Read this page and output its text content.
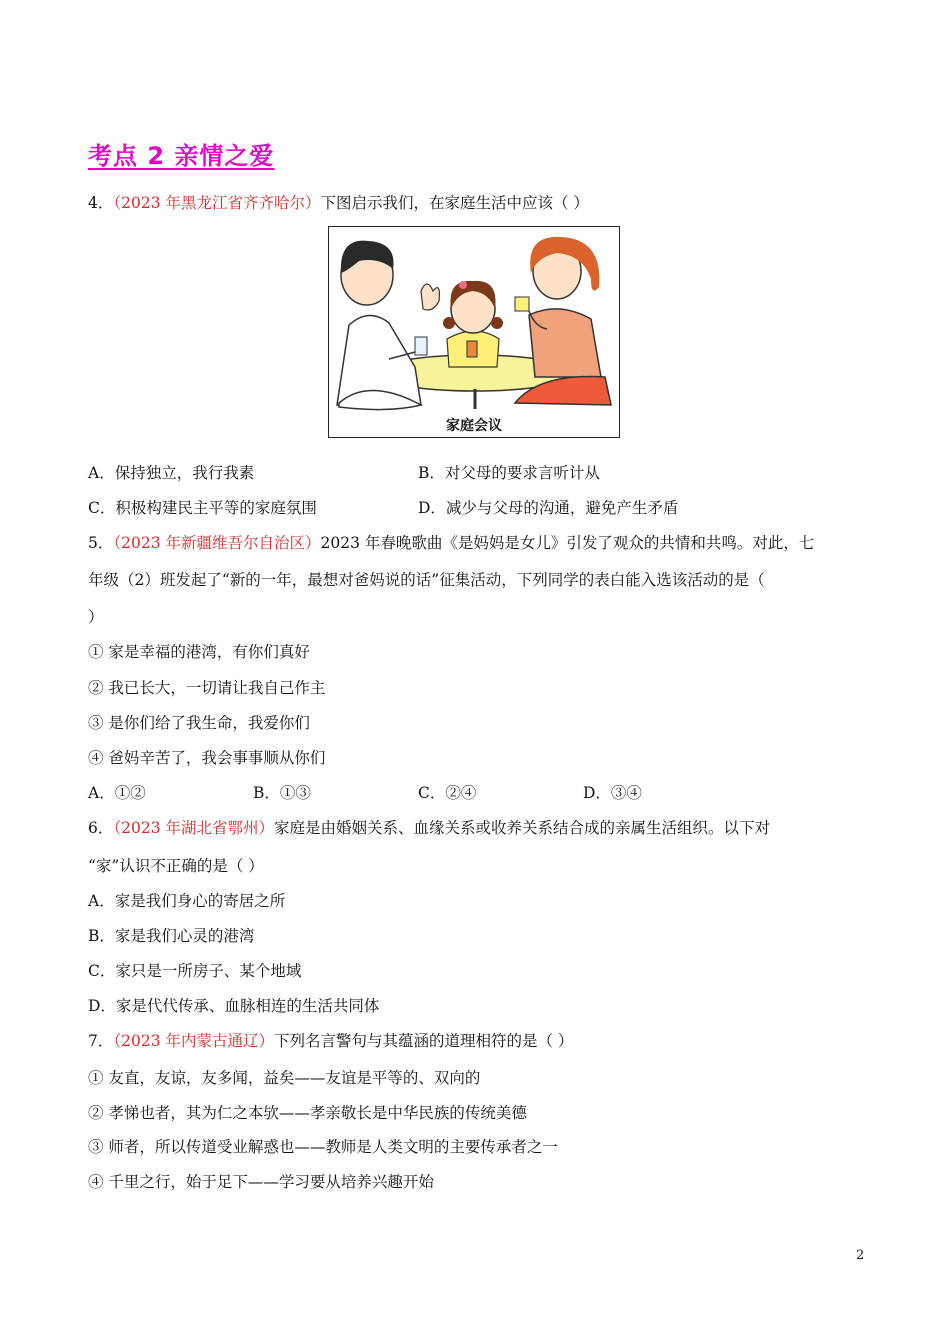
考点 2 亲情之爱
4．（2023 年黑龙江省齐齐哈尔）下图启示我们，在家庭生活中应该（ ）
家庭会议
A．保持独立，我行我素	B．对父母的要求言听计从
C．积极构建民主平等的家庭氛围	D．减少与父母的沟通，避免产生矛盾
5．（2023 年新疆维吾尔自治区）2023 年春晚歌曲《是妈妈是女儿》引发了观众的共情和共鸣。对此，七
年级（2）班发起了“新的一年，最想对爸妈说的话”征集活动，下列同学的表白能入选该活动的是（
）
① 家是幸福的港湾，有你们真好
② 我已长大，一切请让我自己作主
③ 是你们给了我生命，我爱你们
④ 爸妈辛苦了，我会事事顺从你们
A．①②	B．①③	C．②④	D．③④
6．（2023 年湖北省鄂州）家庭是由婚姻关系、血缘关系或收养关系结合成的亲属生活组织。以下对
“家”认识不正确的是（ ）
A．家是我们身心的寄居之所
B．家是我们心灵的港湾
C．家只是一所房子、某个地域
D．家是代代传承、血脉相连的生活共同体
7．（2023 年内蒙古通辽）下列名言警句与其蕴涵的道理相符的是（ ）
① 友直，友谅，友多闻，益矣——友谊是平等的、双向的
② 孝悌也者，其为仁之本欤——孝亲敬长是中华民族的传统美德
③ 师者，所以传道受业解惑也——教师是人类文明的主要传承者之一
④ 千里之行，始于足下——学习要从培养兴趣开始
2
